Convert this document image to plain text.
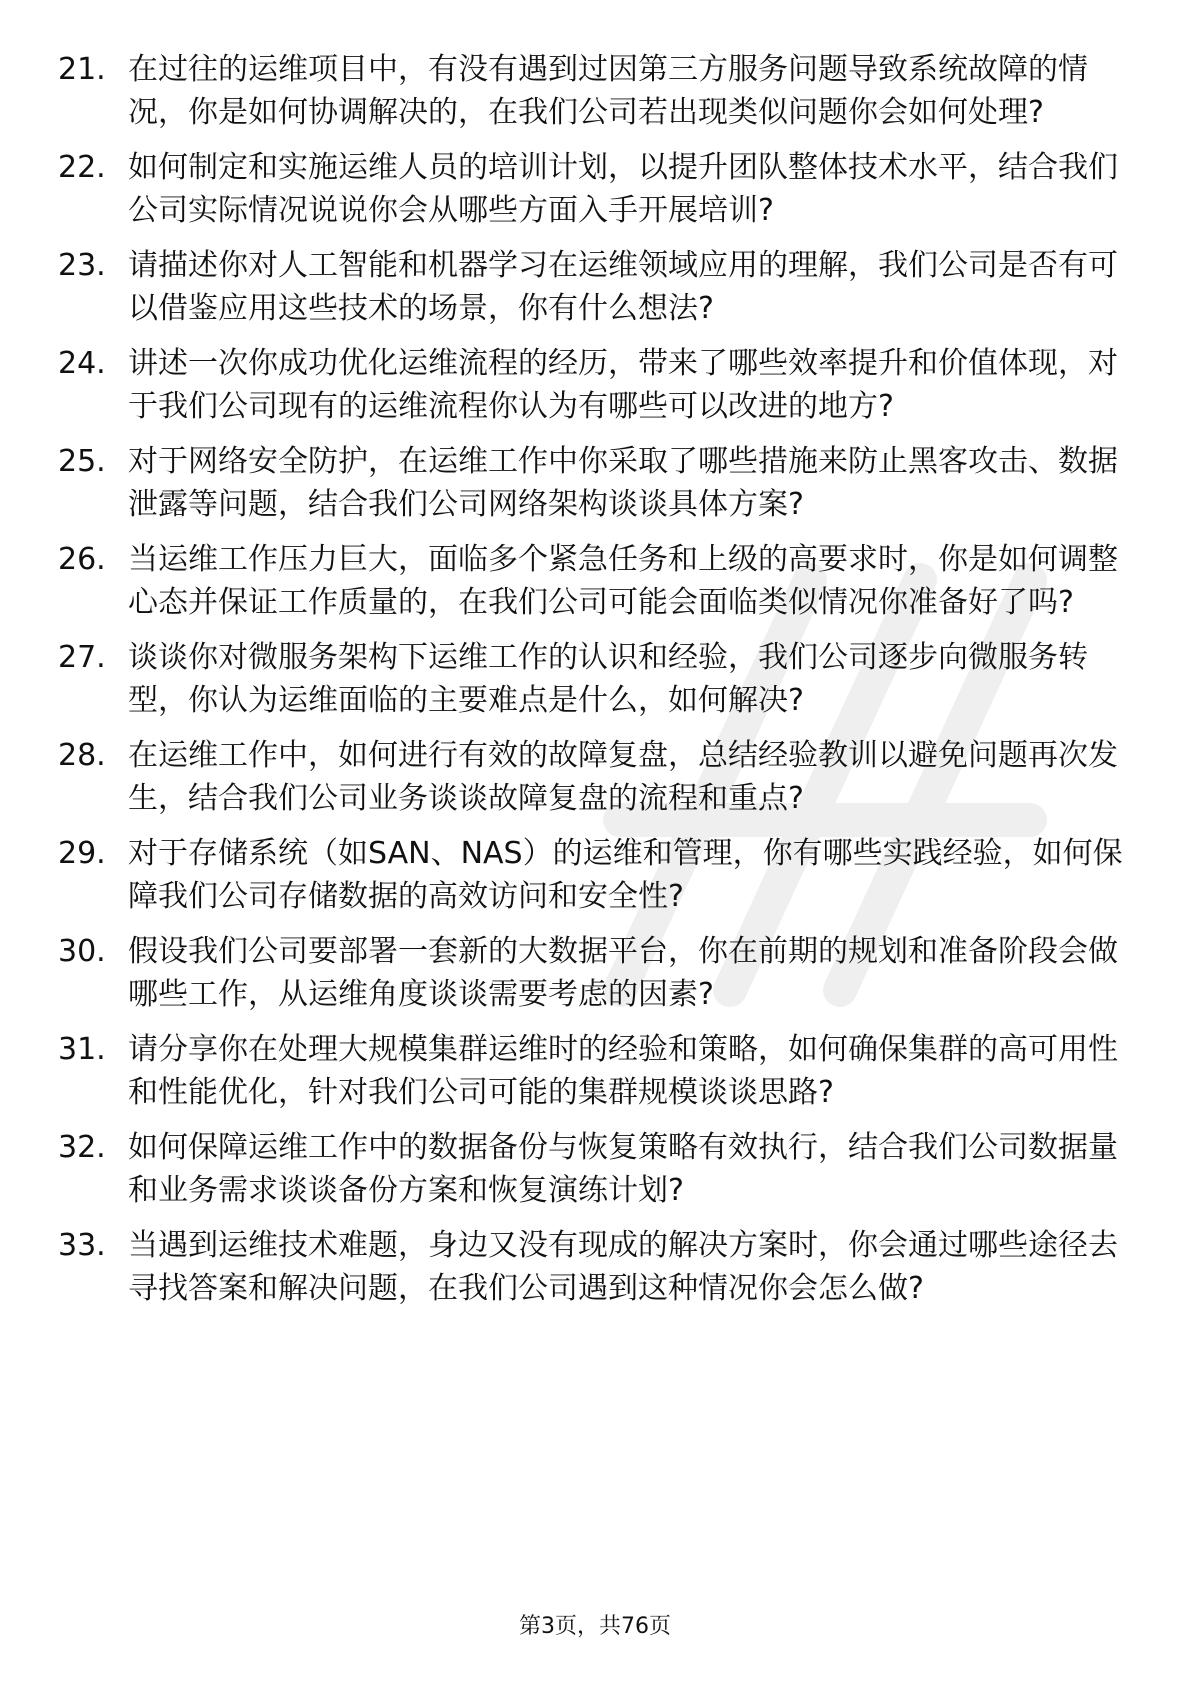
21. 在过往的运维项目中，有没有遇到过因第三方服务问题导致系统故障的情况，你是如何协调解决的，在我们公司若出现类似问题你会如何处理?
22. 如何制定和实施运维人员的培训计划，以提升团队整体技术水平，结合我们公司实际情况说说你会从哪些方面入手开展培训?
23. 请描述你对人工智能和机器学习在运维领域应用的理解，我们公司是否有可以借鉴应用这些技术的场景，你有什么想法?
24. 讲述一次你成功优化运维流程的经历，带来了哪些效率提升和价值体现，对于我们公司现有的运维流程你认为有哪些可以改进的地方?
25. 对于网络安全防护，在运维工作中你采取了哪些措施来防止黑客攻击、数据泄露等问题，结合我们公司网络架构谈谈具体方案?
26. 当运维工作压力巨大，面临多个紧急任务和上级的高要求时，你是如何调整心态并保证工作质量的，在我们公司可能会面临类似情况你准备好了吗?
27. 谈谈你对微服务架构下运维工作的认识和经验，我们公司逐步向微服务转型，你认为运维面临的主要难点是什么，如何解决?
28. 在运维工作中，如何进行有效的故障复盘，总结经验教训以避免问题再次发生，结合我们公司业务谈谈故障复盘的流程和重点?
29. 对于存储系统（如SAN、NAS）的运维和管理，你有哪些实践经验，如何保障我们公司存储数据的高效访问和安全性?
30. 假设我们公司要部署一套新的大数据平台，你在前期的规划和准备阶段会做哪些工作，从运维角度谈谈需要考虑的因素?
31. 请分享你在处理大规模集群运维时的经验和策略，如何确保集群的高可用性和性能优化，针对我们公司可能的集群规模谈谈思路?
32. 如何保障运维工作中的数据备份与恢复策略有效执行，结合我们公司数据量和业务需求谈谈备份方案和恢复演练计划?
33. 当遇到运维技术难题，身边又没有现成的解决方案时，你会通过哪些途径去寻找答案和解决问题，在我们公司遇到这种情况你会怎么做?
第3页，共76页
